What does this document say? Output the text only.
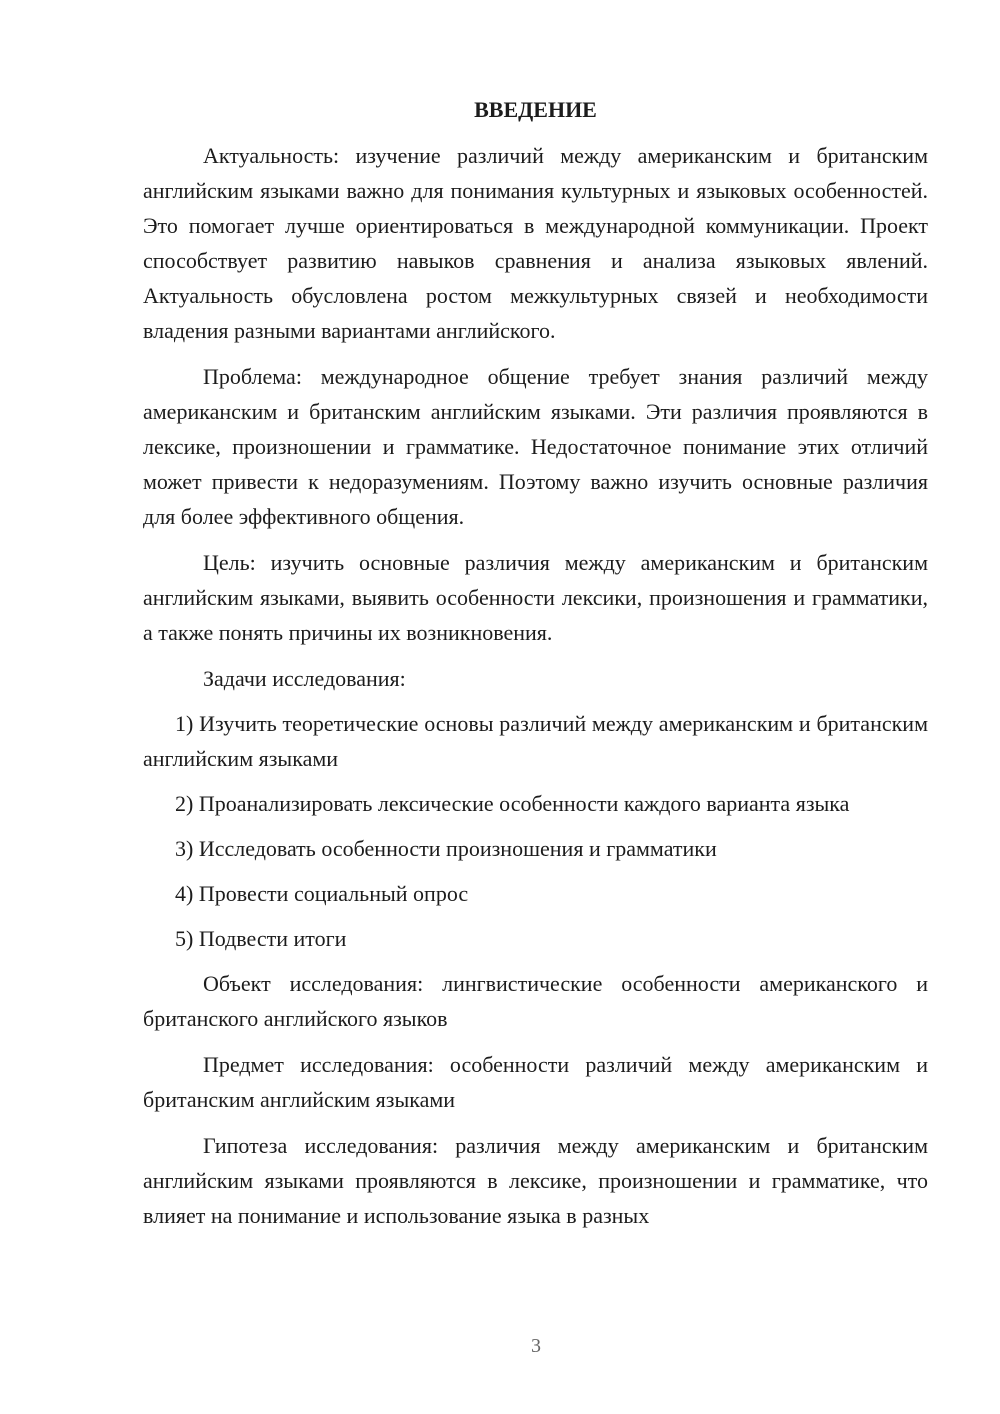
ВВЕДЕНИЕ

Актуальность: изучение различий между американским и британским английским языками важно для понимания культурных и языковых особенностей. Это помогает лучше ориентироваться в международной коммуникации. Проект способствует развитию навыков сравнения и анализа языковых явлений. Актуальность обусловлена ростом межкультурных связей и необходимости владения разными вариантами английского.

Проблема: международное общение требует знания различий между американским и британским английским языками. Эти различия проявляются в лексике, произношении и грамматике. Недостаточное понимание этих отличий может привести к недоразумениям. Поэтому важно изучить основные различия для более эффективного общения.

Цель: изучить основные различия между американским и британским английским языками, выявить особенности лексики, произношения и грамматики, а также понять причины их возникновения.

Задачи исследования:

1) Изучить теоретические основы различий между американским и британским английским языками

2) Проанализировать лексические особенности каждого варианта языка

3) Исследовать особенности произношения и грамматики

4) Провести социальный опрос

5) Подвести итоги

Объект исследования: лингвистические особенности американского и британского английского языков

Предмет исследования: особенности различий между американским и британским английским языками

Гипотеза исследования: различия между американским и британским английским языками проявляются в лексике, произношении и грамматике, что влияет на понимание и использование языка в разных

3
